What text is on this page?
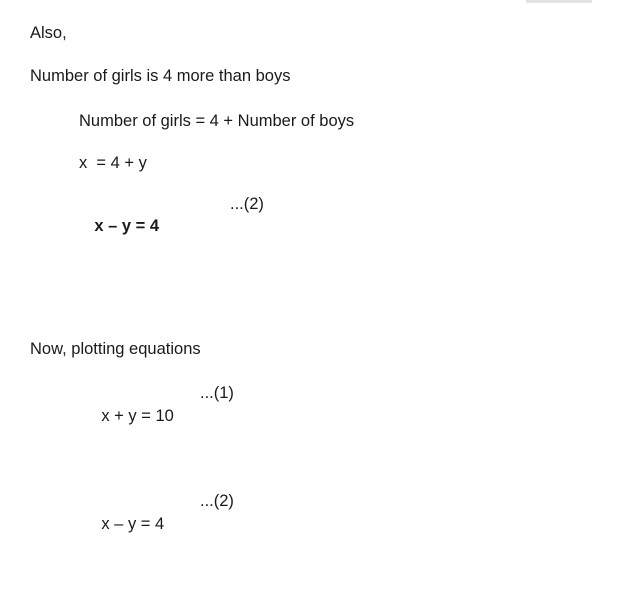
Also,
Number of girls is 4 more than boys
Number of girls = 4 + Number of boys
x  = 4 + y

x – y = 4

...(2)

Now, plotting equations

x + y = 10

...(1)

x – y = 4

...(2)
